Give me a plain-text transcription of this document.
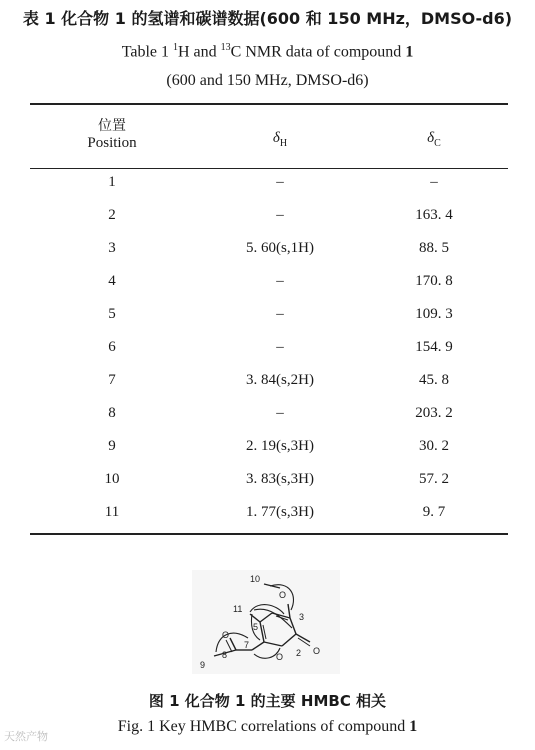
表 1 化合物 1 的氢谱和碳谱数据(600 和 150 MHz，DMSO-d6)
Table 1 $^1$H and $^{13}$C NMR data of compound 1
(600 and 150 MHz, DMSO-d6)
位置
Position	$\delta_H$	$\delta_C$
1	–	–
2	–	163. 4
3	5. 60(s,1H)	88. 5
4	–	170. 8
5	–	109. 3
6	–	154. 9
7	3. 84(s,2H)	45. 8
8	–	203. 2
9	2. 19(s,3H)	30. 2
10	3. 83(s,3H)	57. 2
11	1. 77(s,3H)	9. 7
10
O
11
3
5
O
7
8
9
2
O
O
图 1 化合物 1 的主要 HMBC 相关
Fig. 1 Key HMBC correlations of compound 1
天然产物
